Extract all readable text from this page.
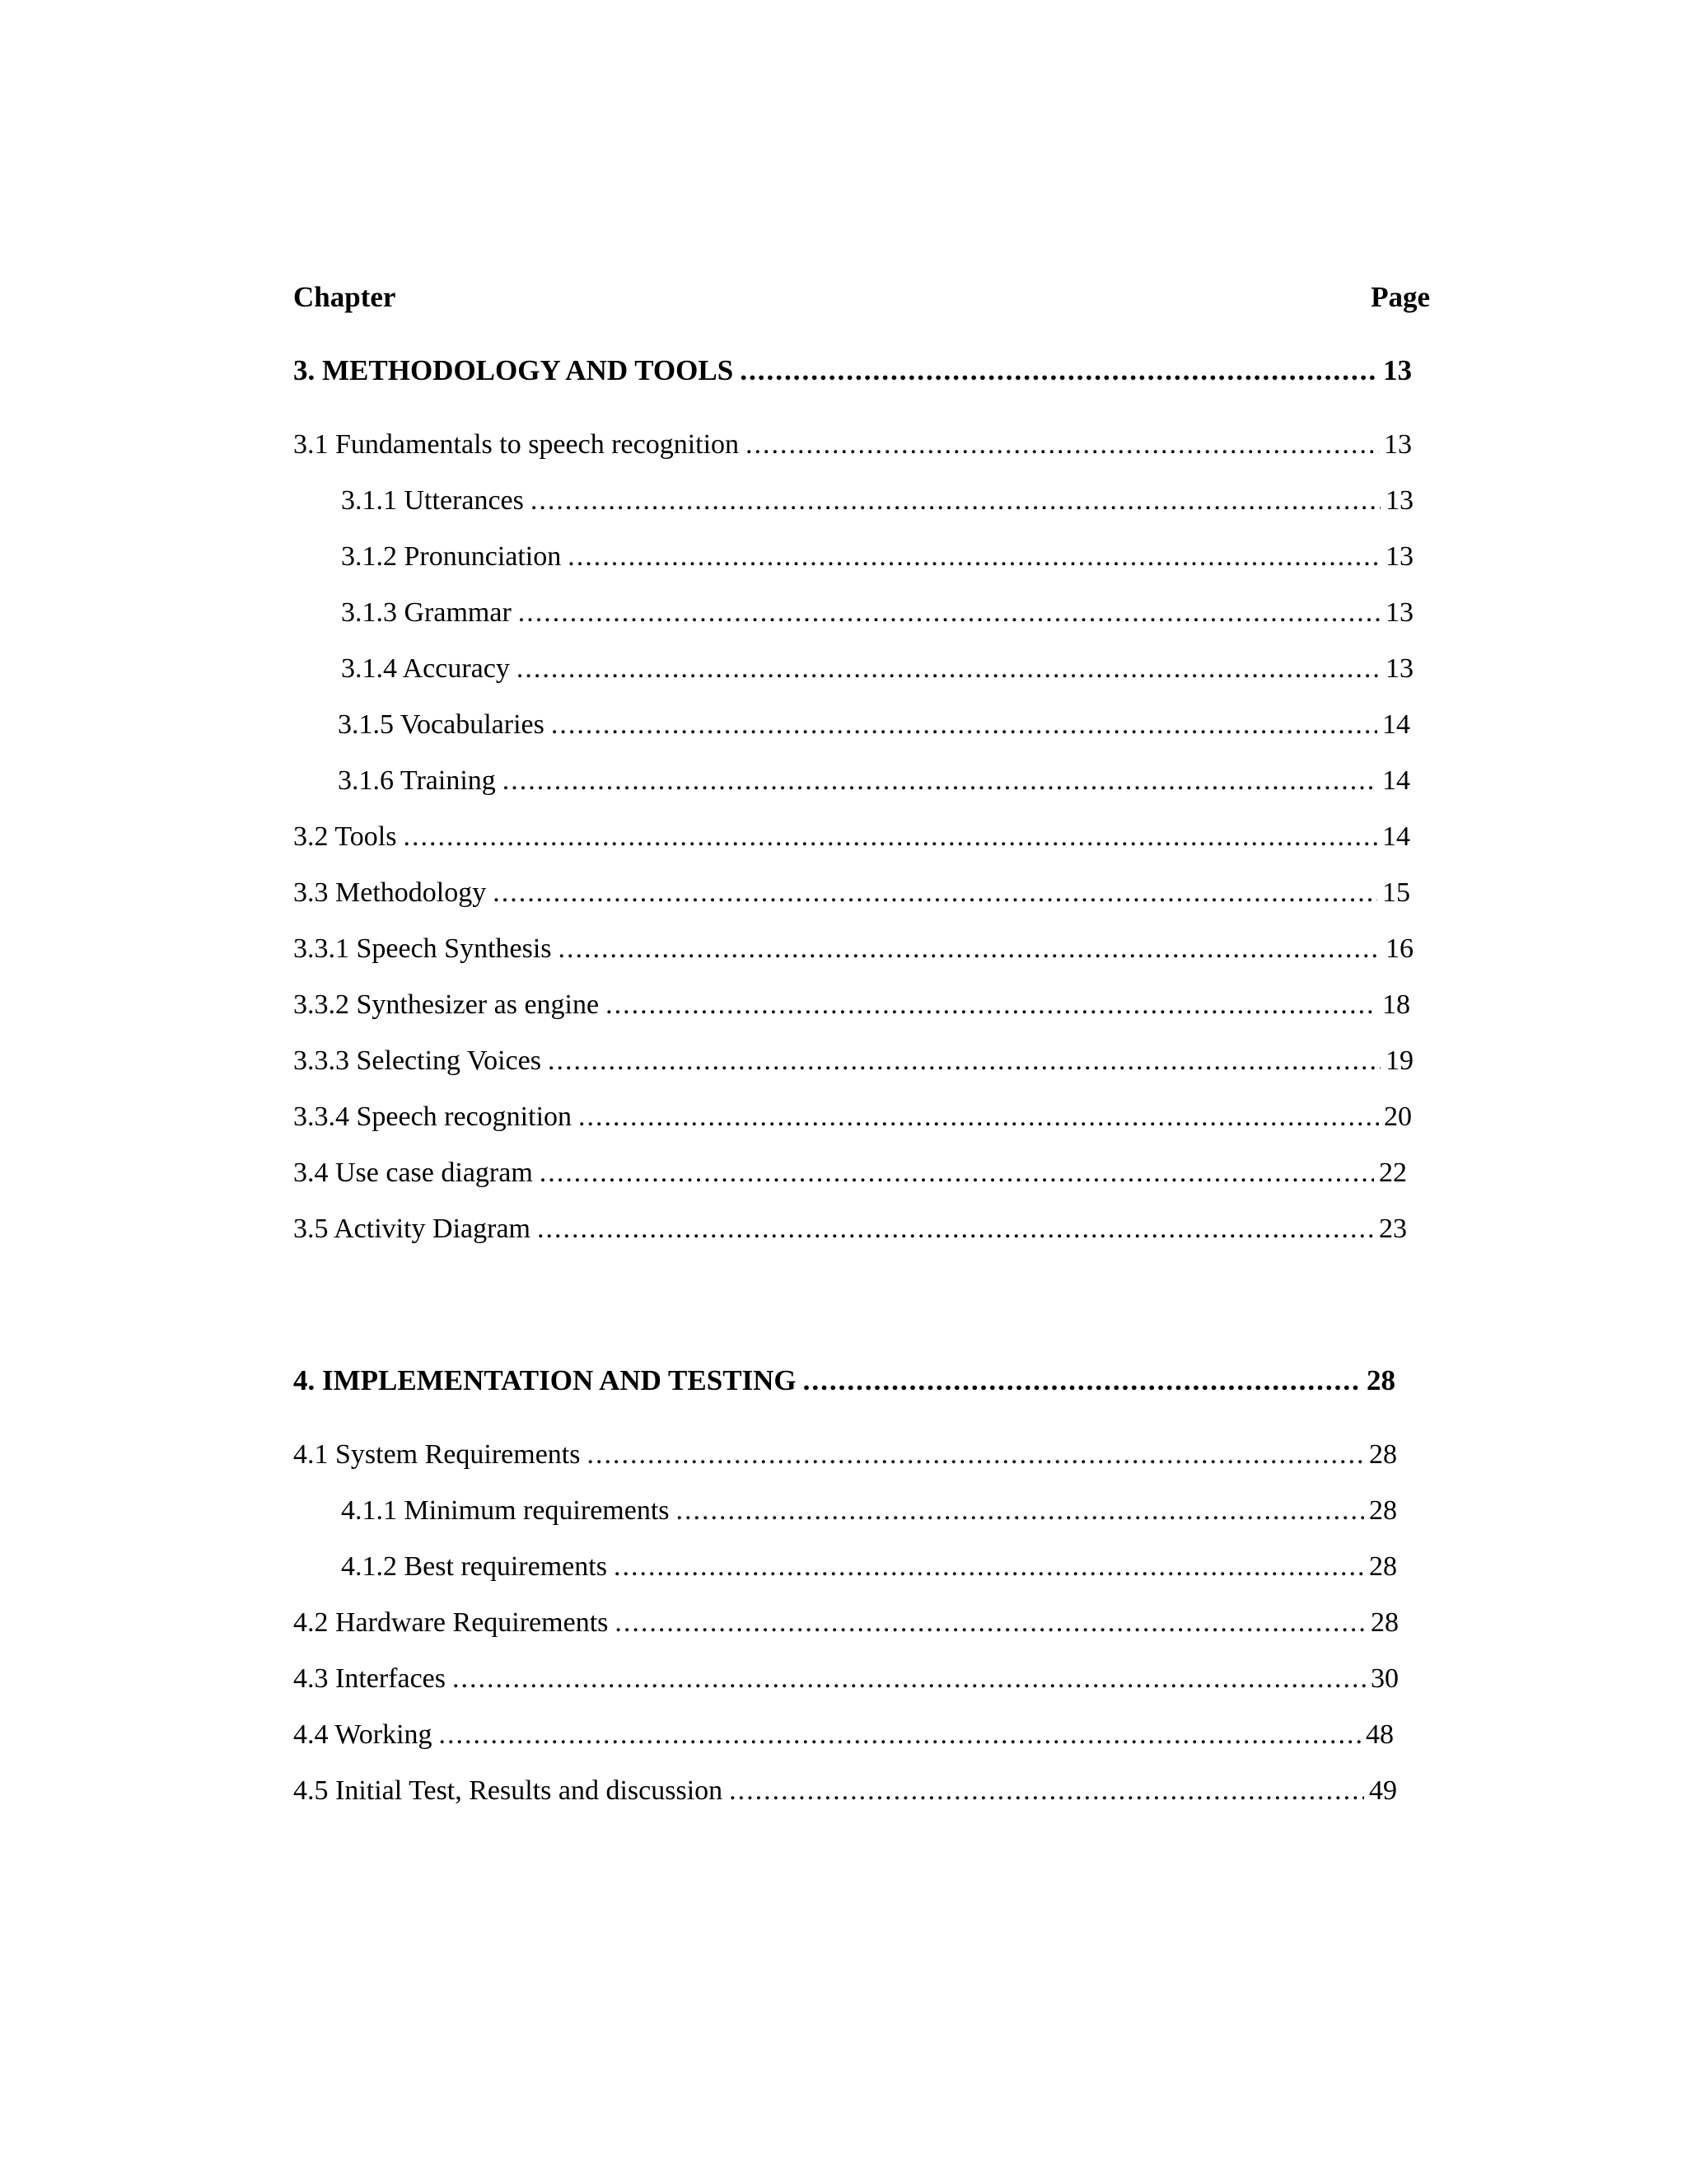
Chapter	Page
3. METHODOLOGY AND TOOLS .....	13
3.1 Fundamentals to speech recognition .....	13
3.1.1 Utterances .....	13
3.1.2 Pronunciation .....	13
3.1.3 Grammar .....	13
3.1.4 Accuracy .....	13
3.1.5 Vocabularies .....	14
3.1.6 Training .....	14
3.2 Tools .....	14
3.3 Methodology .....	15
3.3.1 Speech Synthesis .....	16
3.3.2 Synthesizer as engine .....	18
3.3.3 Selecting Voices .....	19
3.3.4 Speech recognition .....	20
3.4 Use case diagram .....	22
3.5 Activity Diagram .....	23
4. IMPLEMENTATION AND TESTING .....	28
4.1 System Requirements .....	28
4.1.1 Minimum requirements .....	28
4.1.2 Best requirements .....	28
4.2 Hardware Requirements .....	28
4.3 Interfaces .....	30
4.4 Working .....	48
4.5 Initial Test, Results and discussion .....	49
